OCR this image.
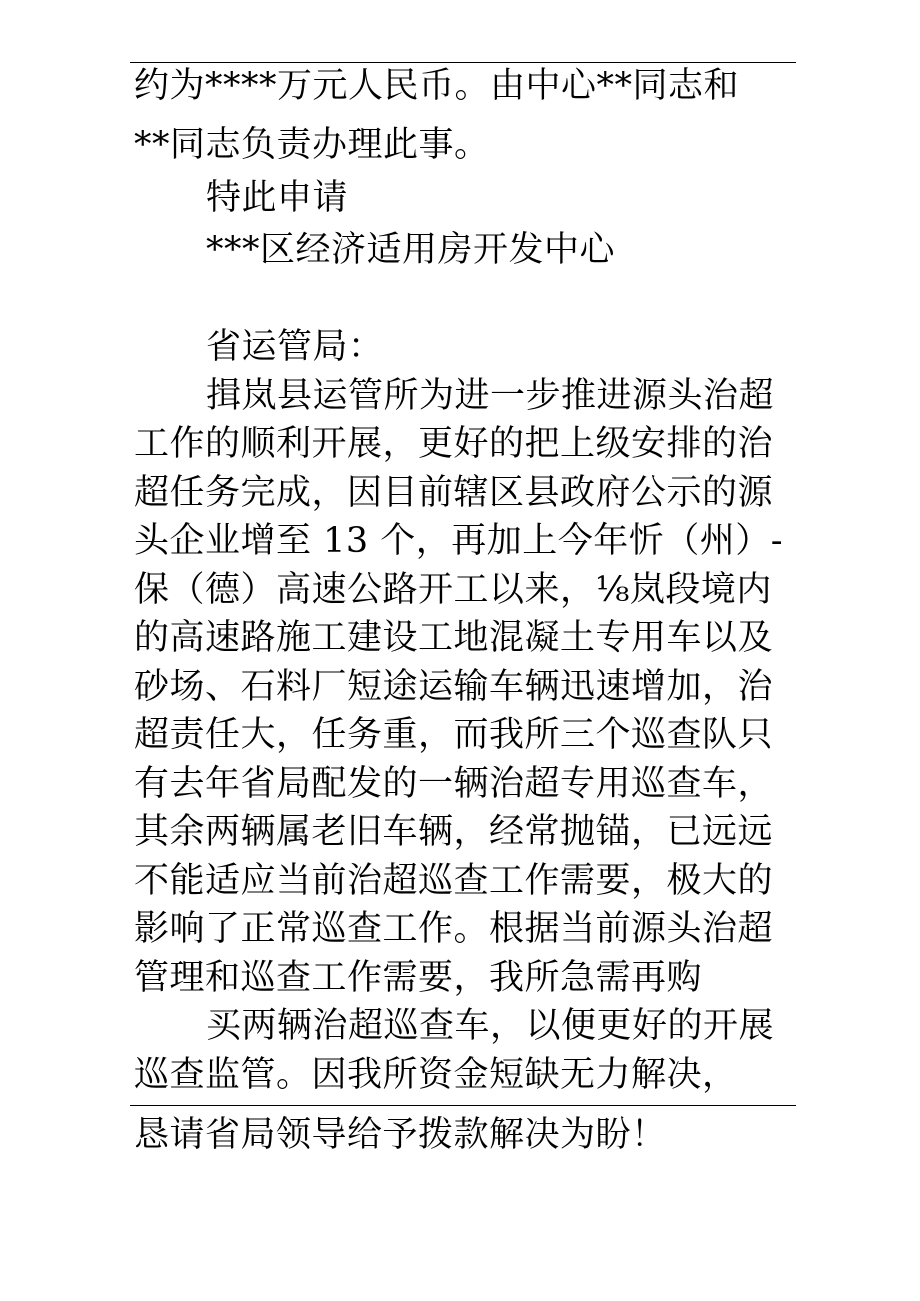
约为****万元人民币。由中心**同志和
**同志负责办理此事。
特此申请
***区经济适用房开发中心
省运管局：
揖岚县运管所为进一步推进源头治超
工作的顺利开展，更好的把上级安排的治
超任务完成，因目前辖区县政府公示的源
头企业增至 13 个，再加上今年忻（州）-
保（德）高速公路开工以来，⅛岚段境内
的高速路施工建设工地混凝土专用车以及
砂场、石料厂短途运输车辆迅速增加，治
超责任大，任务重，而我所三个巡查队只
有去年省局配发的一辆治超专用巡查车，
其余两辆属老旧车辆，经常抛锚，已远远
不能适应当前治超巡查工作需要，极大的
影响了正常巡查工作。根据当前源头治超
管理和巡查工作需要，我所急需再购
买两辆治超巡查车，以便更好的开展
巡查监管。因我所资金短缺无力解决，
恳请省局领导给予拨款解决为盼！
